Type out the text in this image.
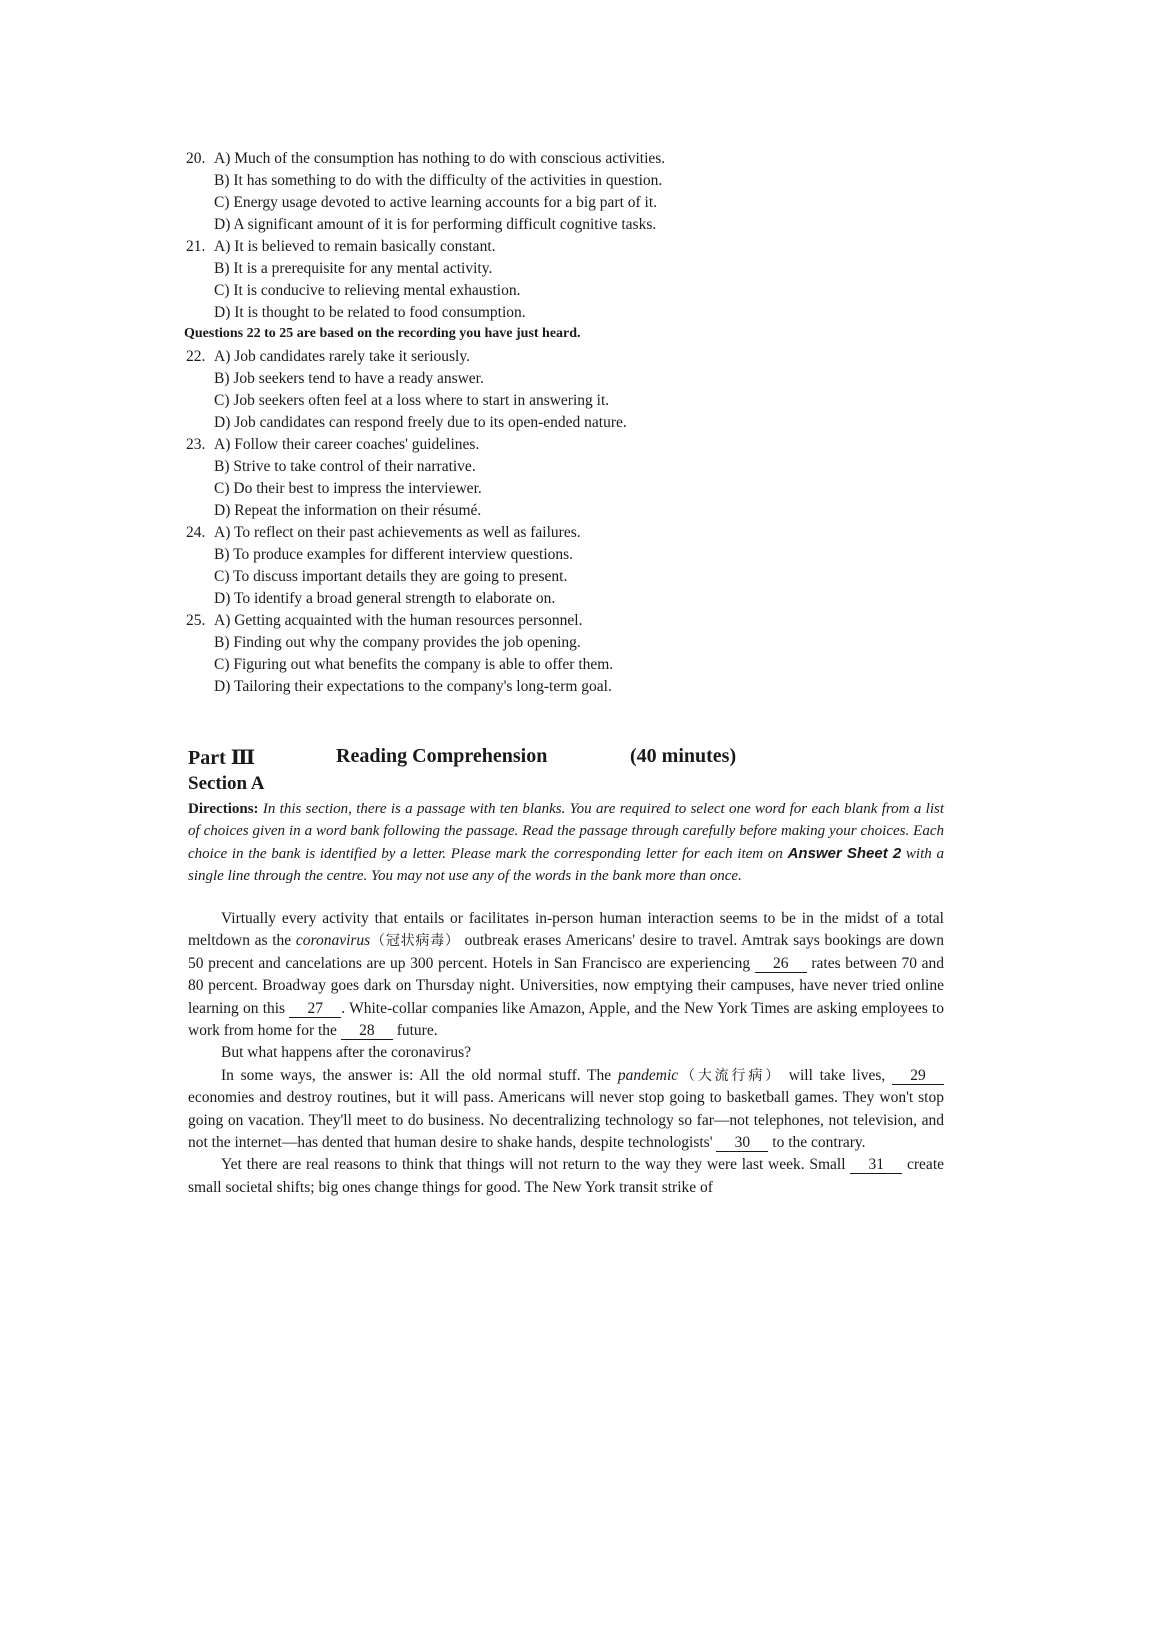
20. A) Much of the consumption has nothing to do with conscious activities.
B) It has something to do with the difficulty of the activities in question.
C) Energy usage devoted to active learning accounts for a big part of it.
D) A significant amount of it is for performing difficult cognitive tasks.
21. A) It is believed to remain basically constant.
B) It is a prerequisite for any mental activity.
C) It is conducive to relieving mental exhaustion.
D) It is thought to be related to food consumption.
Questions 22 to 25 are based on the recording you have just heard.
22. A) Job candidates rarely take it seriously.
B) Job seekers tend to have a ready answer.
C) Job seekers often feel at a loss where to start in answering it.
D) Job candidates can respond freely due to its open-ended nature.
23. A) Follow their career coaches' guidelines.
B) Strive to take control of their narrative.
C) Do their best to impress the interviewer.
D) Repeat the information on their résumé.
24. A) To reflect on their past achievements as well as failures.
B) To produce examples for different interview questions.
C) To discuss important details they are going to present.
D) To identify a broad general strength to elaborate on.
25. A) Getting acquainted with the human resources personnel.
B) Finding out why the company provides the job opening.
C) Figuring out what benefits the company is able to offer them.
D) Tailoring their expectations to the company's long-term goal.
Part Ⅲ	Reading Comprehension	(40 minutes)
Section A
Directions: In this section, there is a passage with ten blanks. You are required to select one word for each blank from a list of choices given in a word bank following the passage. Read the passage through carefully before making your choices. Each choice in the bank is identified by a letter. Please mark the corresponding letter for each item on Answer Sheet 2 with a single line through the centre. You may not use any of the words in the bank more than once.

Virtually every activity that entails or facilitates in-person human interaction seems to be in the midst of a total meltdown as the coronavirus（冠状病毒） outbreak erases Americans' desire to travel. Amtrak says bookings are down 50 precent and cancelations are up 300 percent. Hotels in San Francisco are experiencing 26 rates between 70 and 80 percent. Broadway goes dark on Thursday night. Universities, now emptying their campuses, have never tried online learning on this 27 . White-collar companies like Amazon, Apple, and the New York Times are asking employees to work from home for the 28 future.

But what happens after the coronavirus?

In some ways, the answer is: All the old normal stuff. The pandemic（大流行病） will take lives, 29 economies and destroy routines, but it will pass. Americans will never stop going to basketball games. They won't stop going on vacation. They'll meet to do business. No decentralizing technology so far—not telephones, not television, and not the internet—has dented that human desire to shake hands, despite technologists' 30 to the contrary.

Yet there are real reasons to think that things will not return to the way they were last week. Small 31 create small societal shifts; big ones change things for good. The New York transit strike of
